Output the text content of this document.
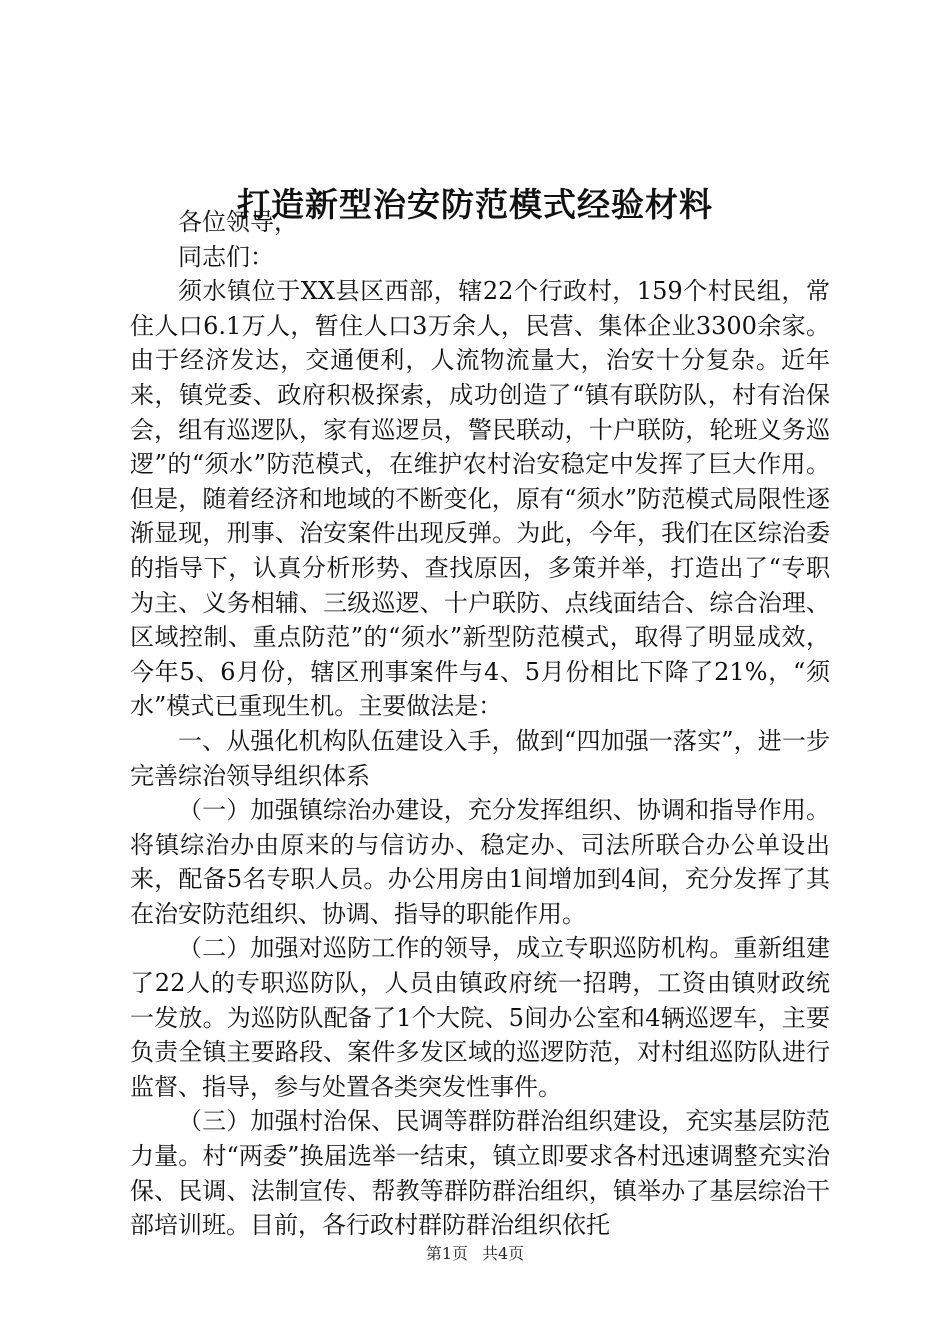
打造新型治安防范模式经验材料

各位领导，

同志们：

须水镇位于XX县区西部，辖22个行政村，159个村民组，常住人口6.1万人，暂住人口3万余人，民营、集体企业3300余家。由于经济发达，交通便利，人流物流量大，治安十分复杂。近年来，镇党委、政府积极探索，成功创造了“镇有联防队，村有治保会，组有巡逻队，家有巡逻员，警民联动，十户联防，轮班义务巡逻”的“须水”防范模式，在维护农村治安稳定中发挥了巨大作用。但是，随着经济和地域的不断变化，原有“须水”防范模式局限性逐渐显现，刑事、治安案件出现反弹。为此，今年，我们在区综治委的指导下，认真分析形势、查找原因，多策并举，打造出了“专职为主、义务相辅、三级巡逻、十户联防、点线面结合、综合治理、区域控制、重点防范”的“须水”新型防范模式，取得了明显成效，今年5、6月份，辖区刑事案件与4、5月份相比下降了21%，“须水”模式已重现生机。主要做法是：

一、从强化机构队伍建设入手，做到“四加强一落实”，进一步完善综治领导组织体系

（一）加强镇综治办建设，充分发挥组织、协调和指导作用。将镇综治办由原来的与信访办、稳定办、司法所联合办公单设出来，配备5名专职人员。办公用房由1间增加到4间，充分发挥了其在治安防范组织、协调、指导的职能作用。

（二）加强对巡防工作的领导，成立专职巡防机构。重新组建了22人的专职巡防队，人员由镇政府统一招聘，工资由镇财政统一发放。为巡防队配备了1个大院、5间办公室和4辆巡逻车，主要负责全镇主要路段、案件多发区域的巡逻防范，对村组巡防队进行监督、指导，参与处置各类突发性事件。

（三）加强村治保、民调等群防群治组织建设，充实基层防范力量。村“两委”换届选举一结束，镇立即要求各村迅速调整充实治保、民调、法制宣传、帮教等群防群治组织，镇举办了基层综治干部培训班。目前，各行政村群防群治组织依托

第1页 共4页
